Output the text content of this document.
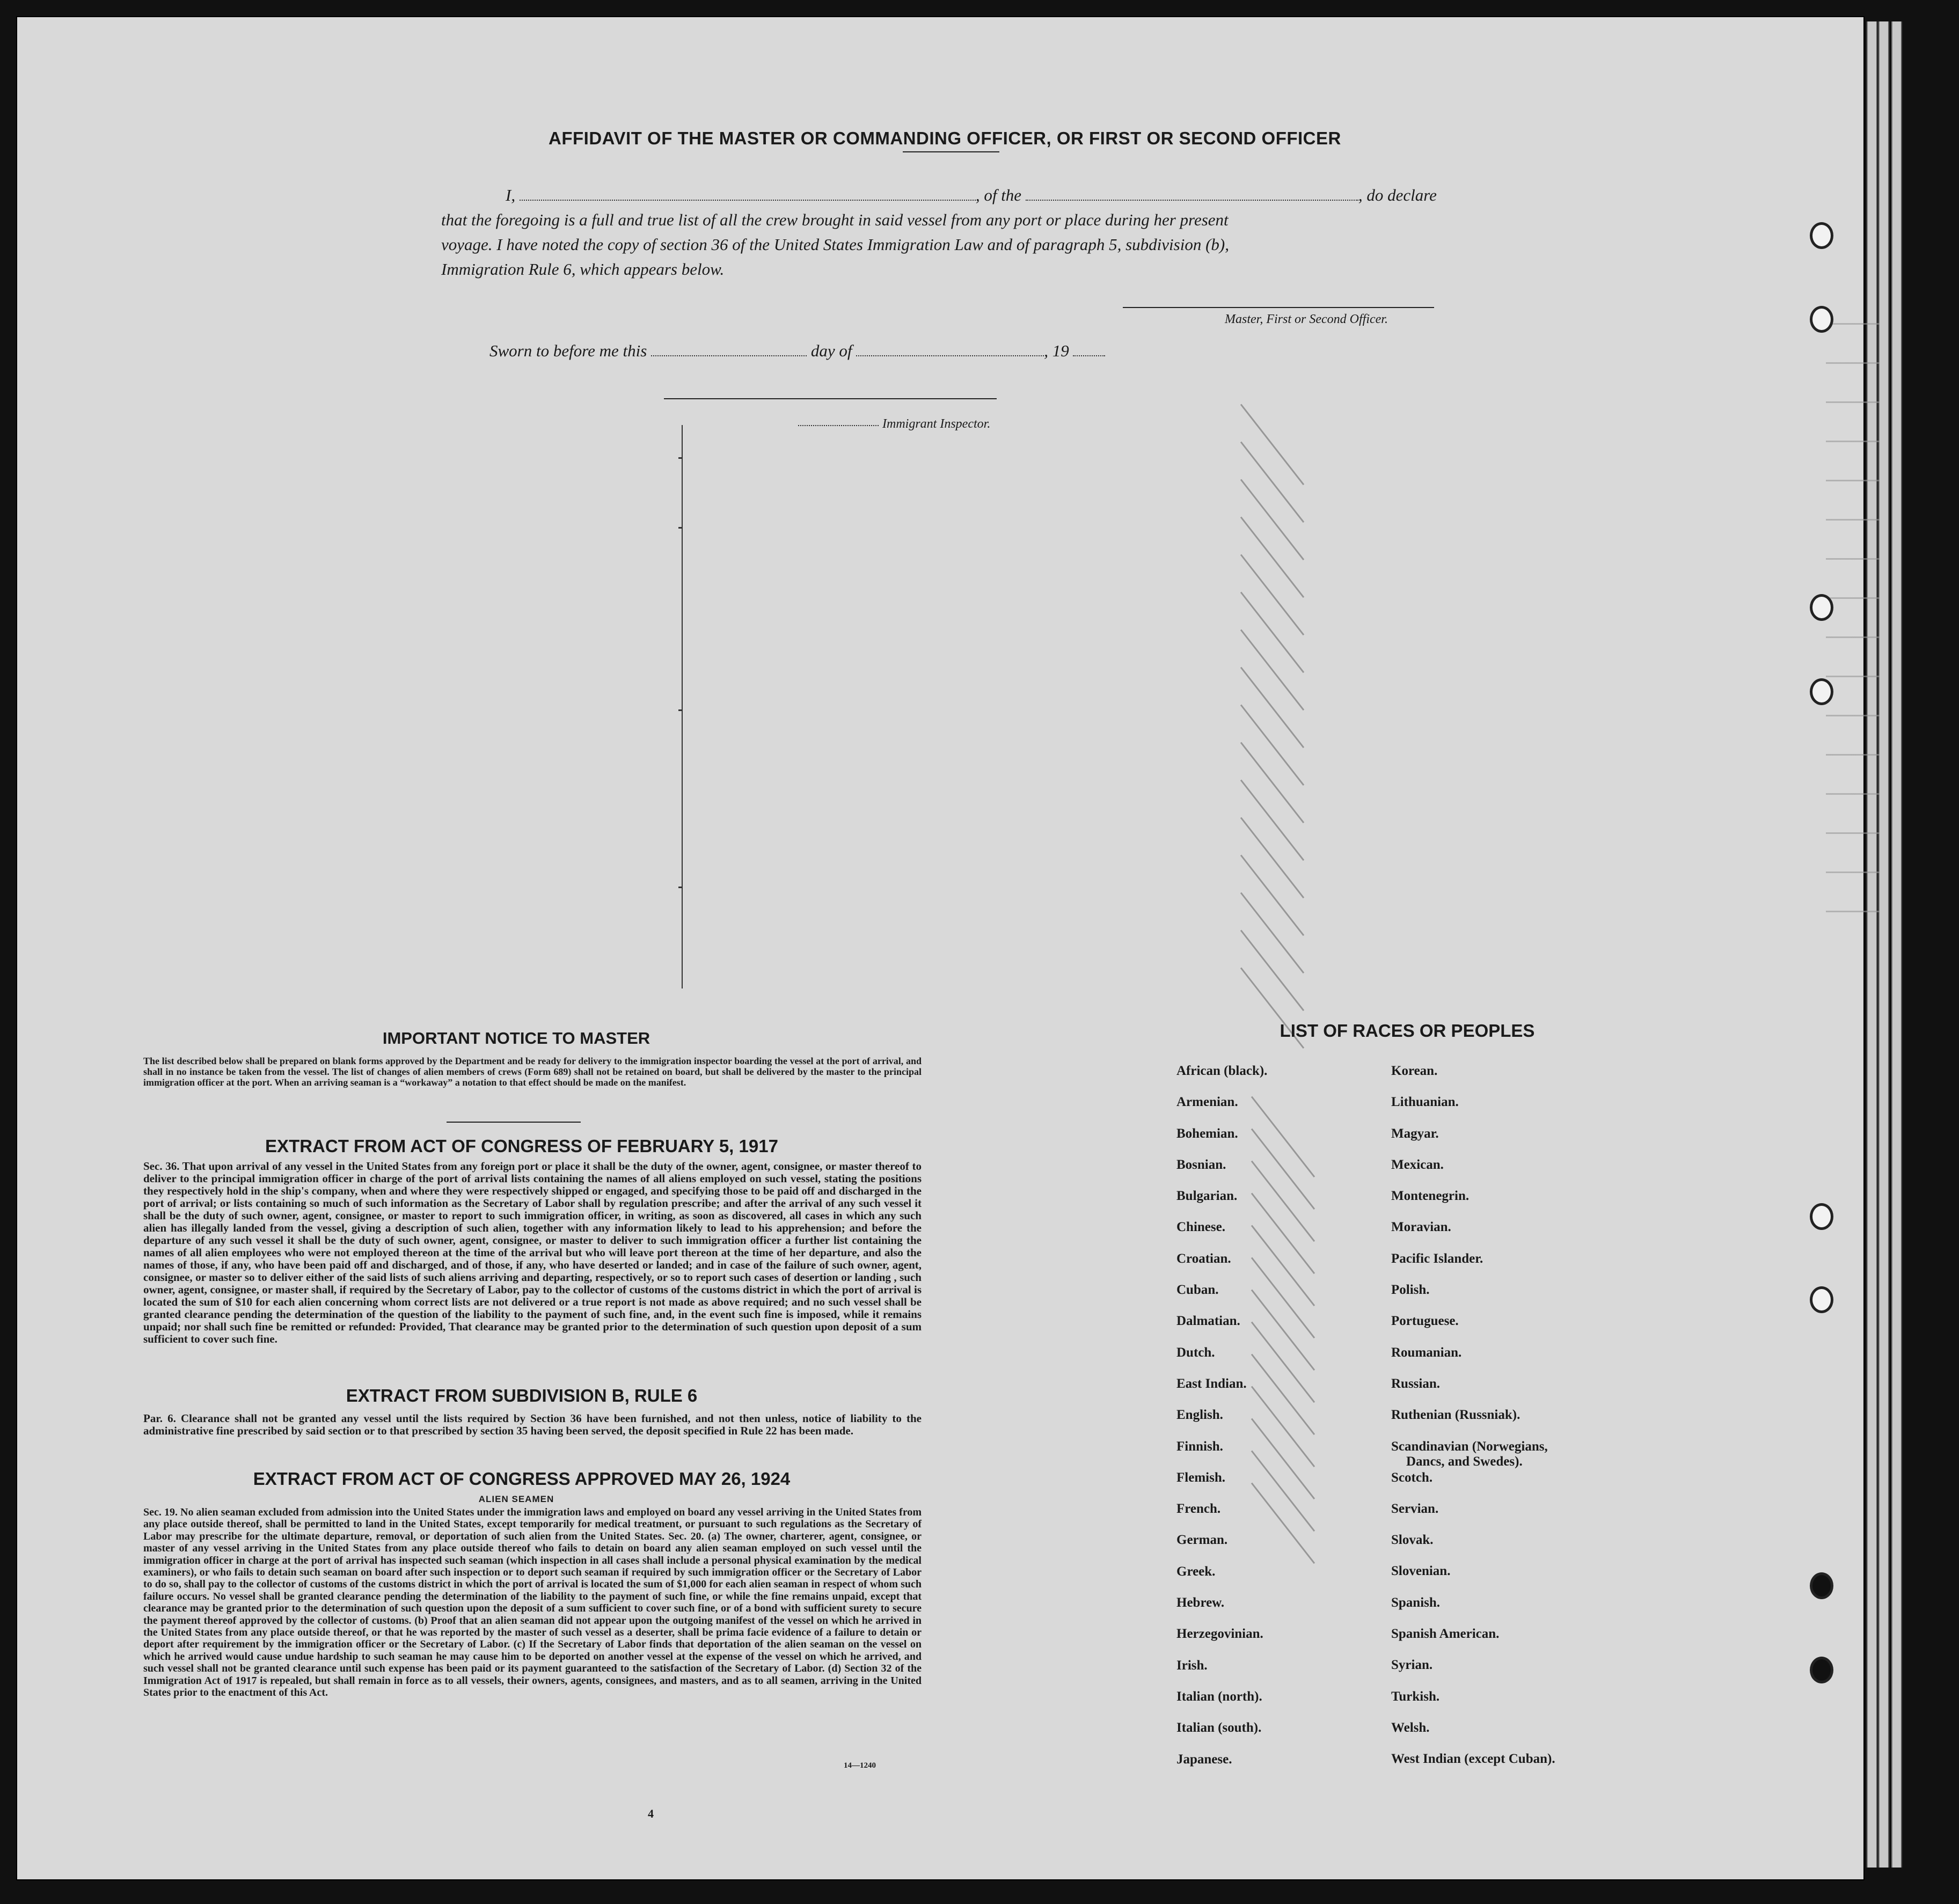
AFFIDAVIT OF THE MASTER OR COMMANDING OFFICER, OR FIRST OR SECOND OFFICER
I,	, of the	, do declare
that the foregoing is a full and true list of all the crew brought in said vessel from any port or place during her present
voyage. I have noted the copy of section 36 of the United States Immigration Law and of paragraph 5, subdivision (b),
Immigration Rule 6, which appears below.
Master, First or Second Officer.
Sworn to before me this	day of	, 19
Immigrant Inspector.
IMPORTANT NOTICE TO MASTER
The list described below shall be prepared on blank forms approved by the Department and be ready for delivery to the immigration inspector boarding the vessel at the port of arrival, and shall in no instance be taken from the vessel. The list of changes of alien members of crews (Form 689) shall not be retained on board, but shall be delivered by the master to the principal immigration officer at the port. When an arriving seaman is a “workaway” a notation to that effect should be made on the manifest.
EXTRACT FROM ACT OF CONGRESS OF FEBRUARY 5, 1917
Sec. 36. That upon arrival of any vessel in the United States from any foreign port or place it shall be the duty of the owner, agent, consignee, or master thereof to deliver to the principal immigration officer in charge of the port of arrival lists containing the names of all aliens employed on such vessel, stating the positions they respectively hold in the ship's company, when and where they were respectively shipped or engaged, and specifying those to be paid off and discharged in the port of arrival; or lists containing so much of such information as the Secretary of Labor shall by regulation prescribe; and after the arrival of any such vessel it shall be the duty of such owner, agent, consignee, or master to report to such immigration officer, in writing, as soon as discovered, all cases in which any such alien has illegally landed from the vessel, giving a description of such alien, together with any information likely to lead to his apprehension; and before the departure of any such vessel it shall be the duty of such owner, agent, consignee, or master to deliver to such immigration officer a further list containing the names of all alien employees who were not employed thereon at the time of the arrival but who will leave port thereon at the time of her departure, and also the names of those, if any, who have been paid off and discharged, and of those, if any, who have deserted or landed; and in case of the failure of such owner, agent, consignee, or master so to deliver either of the said lists of such aliens arriving and departing, respectively, or so to report such cases of desertion or landing , such owner, agent, consignee, or master shall, if required by the Secretary of Labor, pay to the collector of customs of the customs district in which the port of arrival is located the sum of $10 for each alien concerning whom correct lists are not delivered or a true report is not made as above required; and no such vessel shall be granted clearance pending the determination of the question of the liability to the payment of such fine, and, in the event such fine is imposed, while it remains unpaid; nor shall such fine be remitted or refunded: Provided, That clearance may be granted prior to the determination of such question upon deposit of a sum sufficient to cover such fine.
EXTRACT FROM SUBDIVISION B, RULE 6
Par. 6. Clearance shall not be granted any vessel until the lists required by Section 36 have been furnished, and not then unless, notice of liability to the administrative fine prescribed by said section or to that prescribed by section 35 having been served, the deposit specified in Rule 22 has been made.
EXTRACT FROM ACT OF CONGRESS APPROVED MAY 26, 1924
ALIEN SEAMEN
Sec. 19. No alien seaman excluded from admission into the United States under the immigration laws and employed on board any vessel arriving in the United States from any place outside thereof, shall be permitted to land in the United States, except temporarily for medical treatment, or pursuant to such regulations as the Secretary of Labor may prescribe for the ultimate departure, removal, or deportation of such alien from the United States. Sec. 20. (a) The owner, charterer, agent, consignee, or master of any vessel arriving in the United States from any place outside thereof who fails to detain on board any alien seaman employed on such vessel until the immigration officer in charge at the port of arrival has inspected such seaman (which inspection in all cases shall include a personal physical examination by the medical examiners), or who fails to detain such seaman on board after such inspection or to deport such seaman if required by such immigration officer or the Secretary of Labor to do so, shall pay to the collector of customs of the customs district in which the port of arrival is located the sum of $1,000 for each alien seaman in respect of whom such failure occurs. No vessel shall be granted clearance pending the determination of the liability to the payment of such fine, or while the fine remains unpaid, except that clearance may be granted prior to the determination of such question upon the deposit of a sum sufficient to cover such fine, or of a bond with sufficient surety to secure the payment thereof approved by the collector of customs. (b) Proof that an alien seaman did not appear upon the outgoing manifest of the vessel on which he arrived in the United States from any place outside thereof, or that he was reported by the master of such vessel as a deserter, shall be prima facie evidence of a failure to detain or deport after requirement by the immigration officer or the Secretary of Labor. (c) If the Secretary of Labor finds that deportation of the alien seaman on the vessel on which he arrived would cause undue hardship to such seaman he may cause him to be deported on another vessel at the expense of the vessel on which he arrived, and such vessel shall not be granted clearance until such expense has been paid or its payment guaranteed to the satisfaction of the Secretary of Labor. (d) Section 32 of the Immigration Act of 1917 is repealed, but shall remain in force as to all vessels, their owners, agents, consignees, and masters, and as to all seamen, arriving in the United States prior to the enactment of this Act.
14—1240
4
LIST OF RACES OR PEOPLES
African (black).
Armenian.
Bohemian.
Bosnian.
Bulgarian.
Chinese.
Croatian.
Cuban.
Dalmatian.
Dutch.
East Indian.
English.
Finnish.
Flemish.
French.
German.
Greek.
Hebrew.
Herzegovinian.
Irish.
Italian (north).
Italian (south).
Japanese.
Korean.
Lithuanian.
Magyar.
Mexican.
Montenegrin.
Moravian.
Pacific Islander.
Polish.
Portuguese.
Roumanian.
Russian.
Ruthenian (Russniak).
Scandinavian (Norwegians,
Dancs, and Swedes).
Scotch.
Servian.
Slovak.
Slovenian.
Spanish.
Spanish American.
Syrian.
Turkish.
Welsh.
West Indian (except Cuban).
